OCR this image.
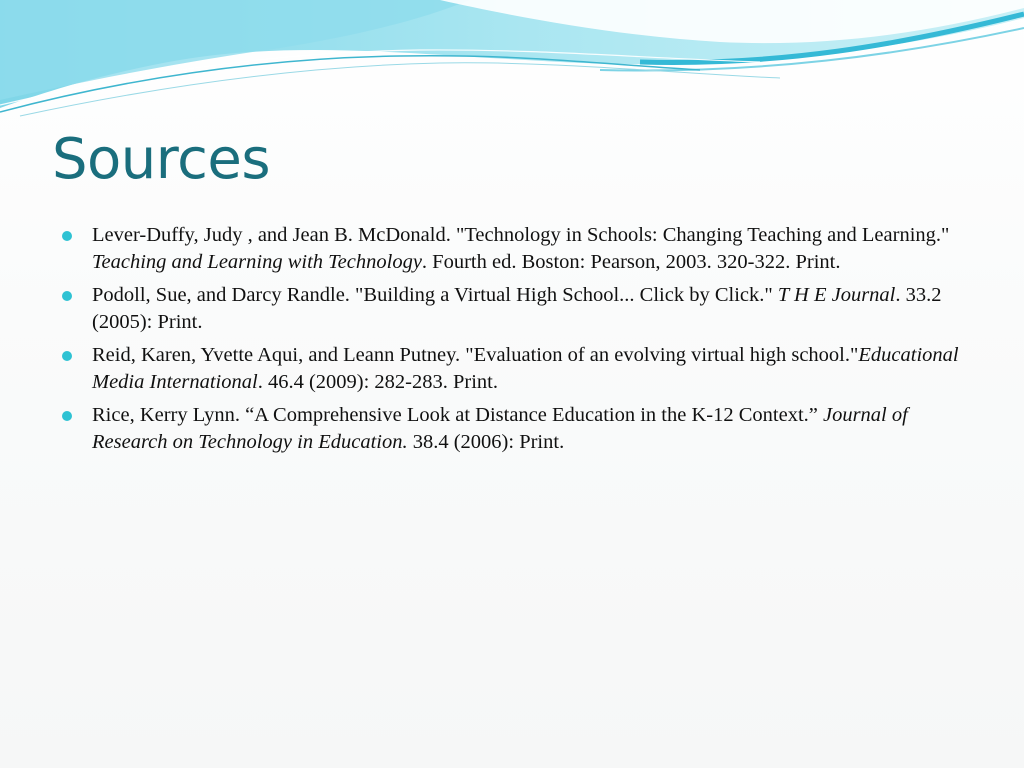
Sources
Lever-Duffy, Judy , and Jean B. McDonald. "Technology in Schools: Changing Teaching and Learning." Teaching and Learning with Technology. Fourth ed. Boston: Pearson, 2003. 320-322. Print.
Podoll, Sue, and Darcy Randle. "Building a Virtual High School... Click by Click." T H E Journal. 33.2 (2005): Print.
Reid, Karen, Yvette Aqui, and Leann Putney. "Evaluation of an evolving virtual high school."Educational Media International. 46.4 (2009): 282-283. Print.
Rice, Kerry Lynn. “A Comprehensive Look at Distance Education in the K-12 Context.” Journal of Research on Technology in Education. 38.4 (2006): Print.
